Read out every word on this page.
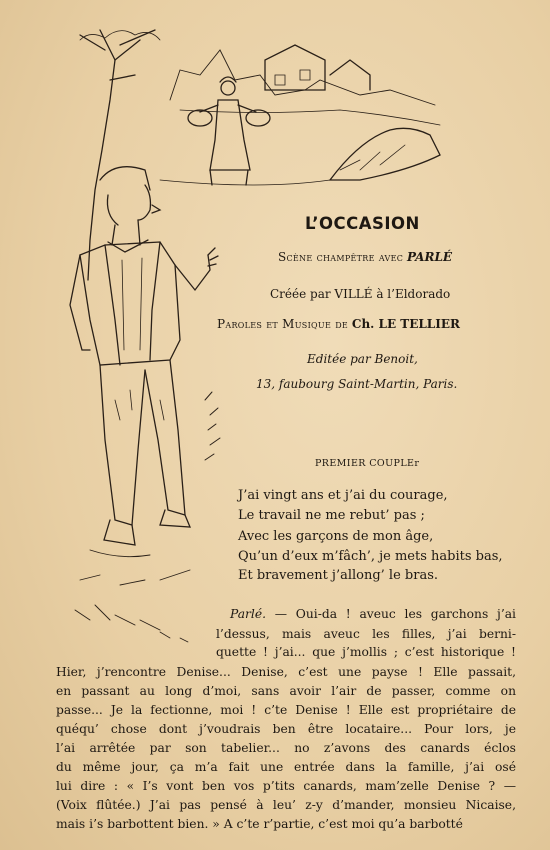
L’OCCASION
Scène champêtre avec PARLÉ
Créée par VILLÉ à l’Eldorado
Paroles et Musique de Ch. LE TELLIER
Editée par Benoit,
13, faubourg Saint-Martin, Paris.
PREMIER COUPLEr
J’ai vingt ans et j’ai du courage,
Le travail ne me rebut’ pas ;
Avec les garçons de mon âge,
Qu’un d’eux m’fâch’, je mets habits bas,
Et bravement j’allong’ le bras.
Parlé. — Oui-da ! aveuc les garchons j’ai
l’dessus, mais aveuc les filles, j’ai berni-
quette ! j’ai... que j’mollis ; c’est historique !
Hier, j’rencontre Denise... Denise, c’est une payse ! Elle passait,
en passant au long d’moi, sans avoir l’air de passer, comme on
passe... Je la fectionne, moi ! c’te Denise ! Elle est propriétaire de
quéqu’ chose dont j’voudrais ben être locataire... Pour lors, je
l’ai arrêtée par son tabelier... no z’avons des canards éclos
du même jour, ça m’a fait une entrée dans la famille, j’ai osé
lui dire : « I’s vont ben vos p’tits canards, mam’zelle Denise ? —
(Voix flûtée.) J’ai pas pensé à leu’ z-y d’mander, monsieu Nicaise,
mais i’s barbottent bien. » A c’te r’partie, c’est moi qu’a barbotté
